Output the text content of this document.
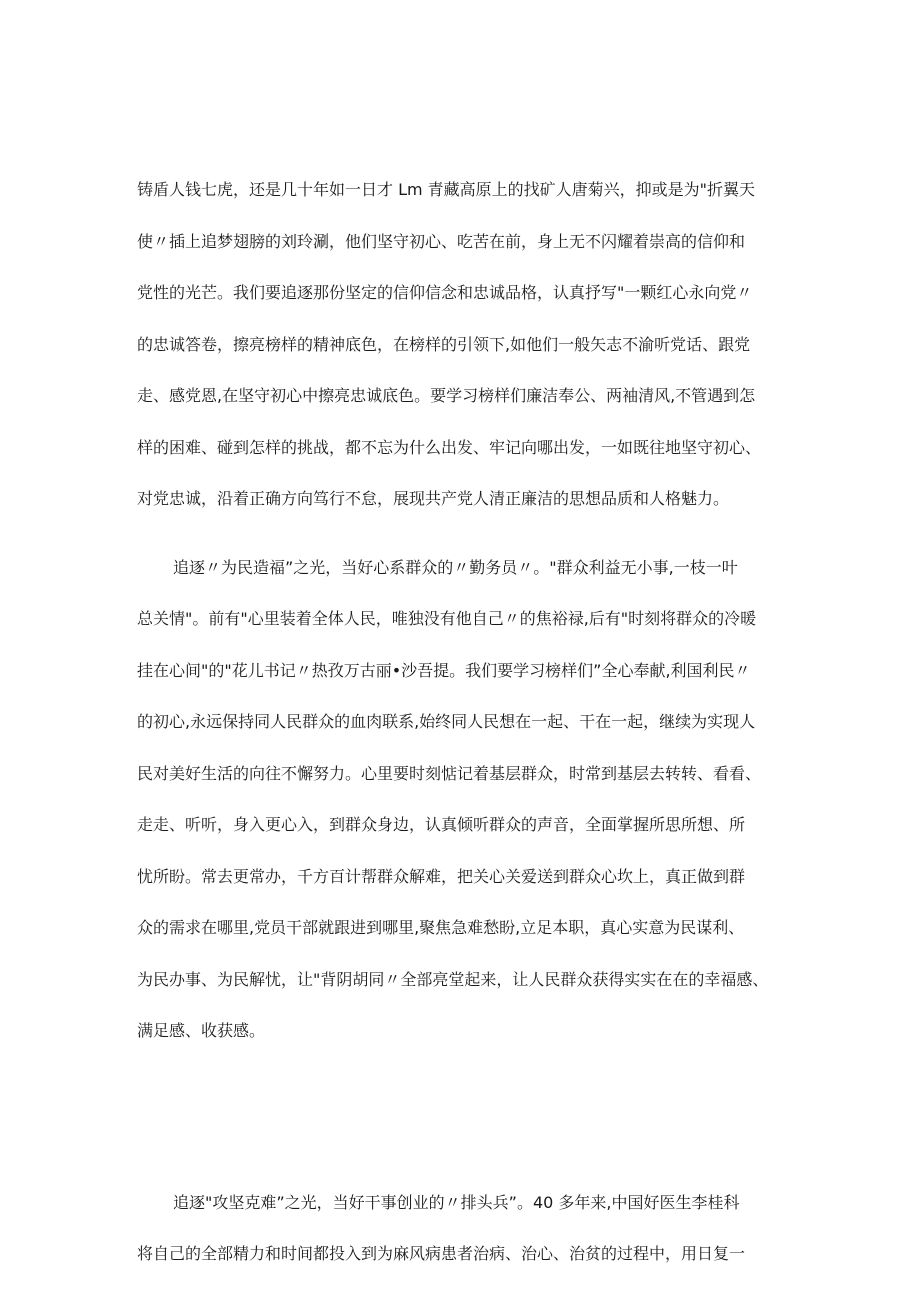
铸盾人钱七虎，还是几十年如一日才 Lm 青藏高原上的找矿人唐菊兴，抑或是为"折翼天
使〃插上追梦翅膀的刘玲涮，他们坚守初心、吃苦在前，身上无不闪耀着崇高的信仰和
党性的光芒。我们要追逐那份坚定的信仰信念和忠诚品格，认真抒写"一颗红心永向党〃
的忠诚答卷，擦亮榜样的精神底色，在榜样的引领下,如他们一般矢志不渝听党话、跟党
走、感党恩,在坚守初心中擦亮忠诚底色。要学习榜样们廉洁奉公、两袖清风,不管遇到怎
样的困难、碰到怎样的挑战，都不忘为什么出发、牢记向哪出发，一如既往地坚守初心、
对党忠诚，沿着正确方向笃行不怠，展现共产党人清正廉洁的思想品质和人格魅力。
追逐〃为民造福”之光，当好心系群众的〃勤务员〃。"群众利益无小事,一枝一叶
总关情"。前有"心里装着全体人民，唯独没有他自己〃的焦裕禄,后有"时刻将群众的冷暖
挂在心间"的"花儿书记〃热孜万古丽•沙吾提。我们要学习榜样们”全心奉献,利国利民〃
的初心,永远保持同人民群众的血肉联系,始终同人民想在一起、干在一起，继续为实现人
民对美好生活的向往不懈努力。心里要时刻惦记着基层群众，时常到基层去转转、看看、
走走、听听，身入更心入，到群众身边，认真倾听群众的声音，全面掌握所思所想、所
忧所盼。常去更常办，千方百计帮群众解难，把关心关爱送到群众心坎上，真正做到群
众的需求在哪里,党员干部就跟进到哪里,聚焦急难愁盼,立足本职，真心实意为民谋利、
为民办事、为民解忧，让"背阴胡同〃全部亮堂起来，让人民群众获得实实在在的幸福感、
满足感、收获感。
追逐"攻坚克难”之光，当好干事创业的〃排头兵”。40 多年来,中国好医生李桂科
将自己的全部精力和时间都投入到为麻风病患者治病、治心、治贫的过程中，用日复一
